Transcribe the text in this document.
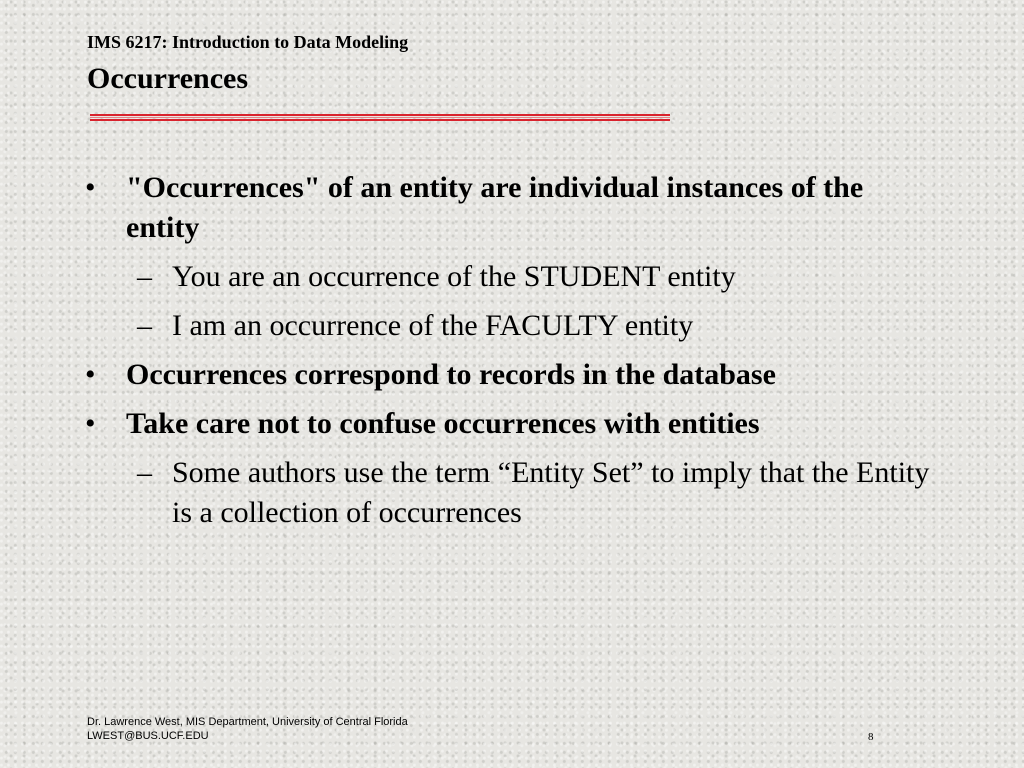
IMS 6217: Introduction to Data Modeling
Occurrences
• "Occurrences" of an entity are individual instances of the entity
– You are an occurrence of the STUDENT entity
– I am an occurrence of the FACULTY entity
• Occurrences correspond to records in the database
• Take care not to confuse occurrences with entities
– Some authors use the term “Entity Set” to imply that the Entity is a collection of occurrences
Dr. Lawrence West, MIS Department, University of Central Florida
LWEST@BUS.UCF.EDU	8
